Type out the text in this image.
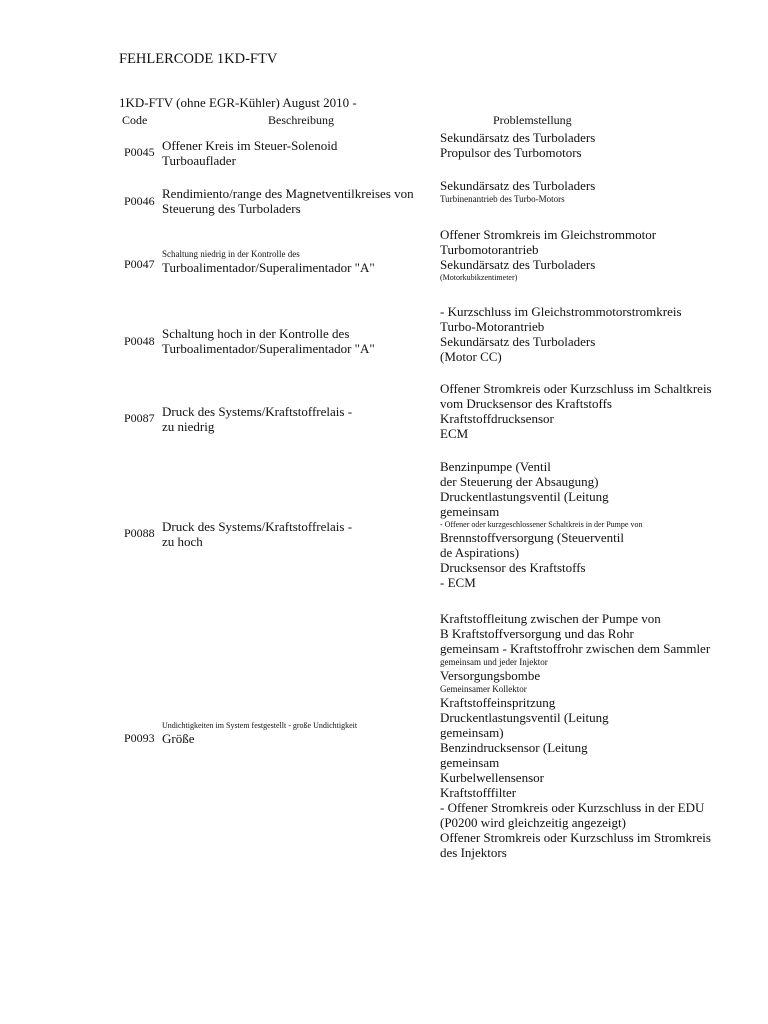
FEHLERCODE 1KD-FTV
1KD-FTV (ohne EGR-Kühler) August 2010 -
Code	Beschreibung	Problemstellung
P0045 Offener Kreis im Steuer-Solenoid
Turboauflader
Sekundärsatz des Turboladers
Propulsor des Turbomotors
P0046 Rendimiento/range des Magnetventilkreises von
Steuerung des Turboladers
Sekundärsatz des Turboladers
Turbinenantrieb des Turbo-Motors
P0047
Schaltung niedrig in der Kontrolle des
Turboalimentador/Superalimentador "A"
Offener Stromkreis im Gleichstrommotor
Turbomotorantrieb
Sekundärsatz des Turboladers
(Motorkubikzentimeter)
P0048 Schaltung hoch in der Kontrolle des
Turboalimentador/Superalimentador "A"
- Kurzschluss im Gleichstrommotorstromkreis
Turbo-Motorantrieb
Sekundärsatz des Turboladers
(Motor CC)
P0087 Druck des Systems/Kraftstoffrelais -
zu niedrig
Offener Stromkreis oder Kurzschluss im Schaltkreis
vom Drucksensor des Kraftstoffs
Kraftstoffdrucksensor
ECM
P0088 Druck des Systems/Kraftstoffrelais -
zu hoch
Benzinpumpe (Ventil
der Steuerung der Absaugung)
Druckentlastungsventil (Leitung
gemeinsam
- Offener oder kurzgeschlossener Schaltkreis in der Pumpe von
Brennstoffversorgung (Steuerventil
de Aspirations)
Drucksensor des Kraftstoffs
- ECM
P0093
Undichtigkeiten im System festgestellt - große Undichtigkeit
Größe
Kraftstoffleitung zwischen der Pumpe von
B Kraftstoffversorgung und das Rohr
gemeinsam - Kraftstoffrohr zwischen dem Sammler
gemeinsam und jeder Injektor
Versorgungsbombe
Gemeinsamer Kollektor
Kraftstoffeinspritzung
Druckentlastungsventil (Leitung
gemeinsam)
Benzindrucksensor (Leitung
gemeinsam
Kurbelwellensensor
Kraftstofffilter
- Offener Stromkreis oder Kurzschluss in der EDU
(P0200 wird gleichzeitig angezeigt)
Offener Stromkreis oder Kurzschluss im Stromkreis
des Injektors
